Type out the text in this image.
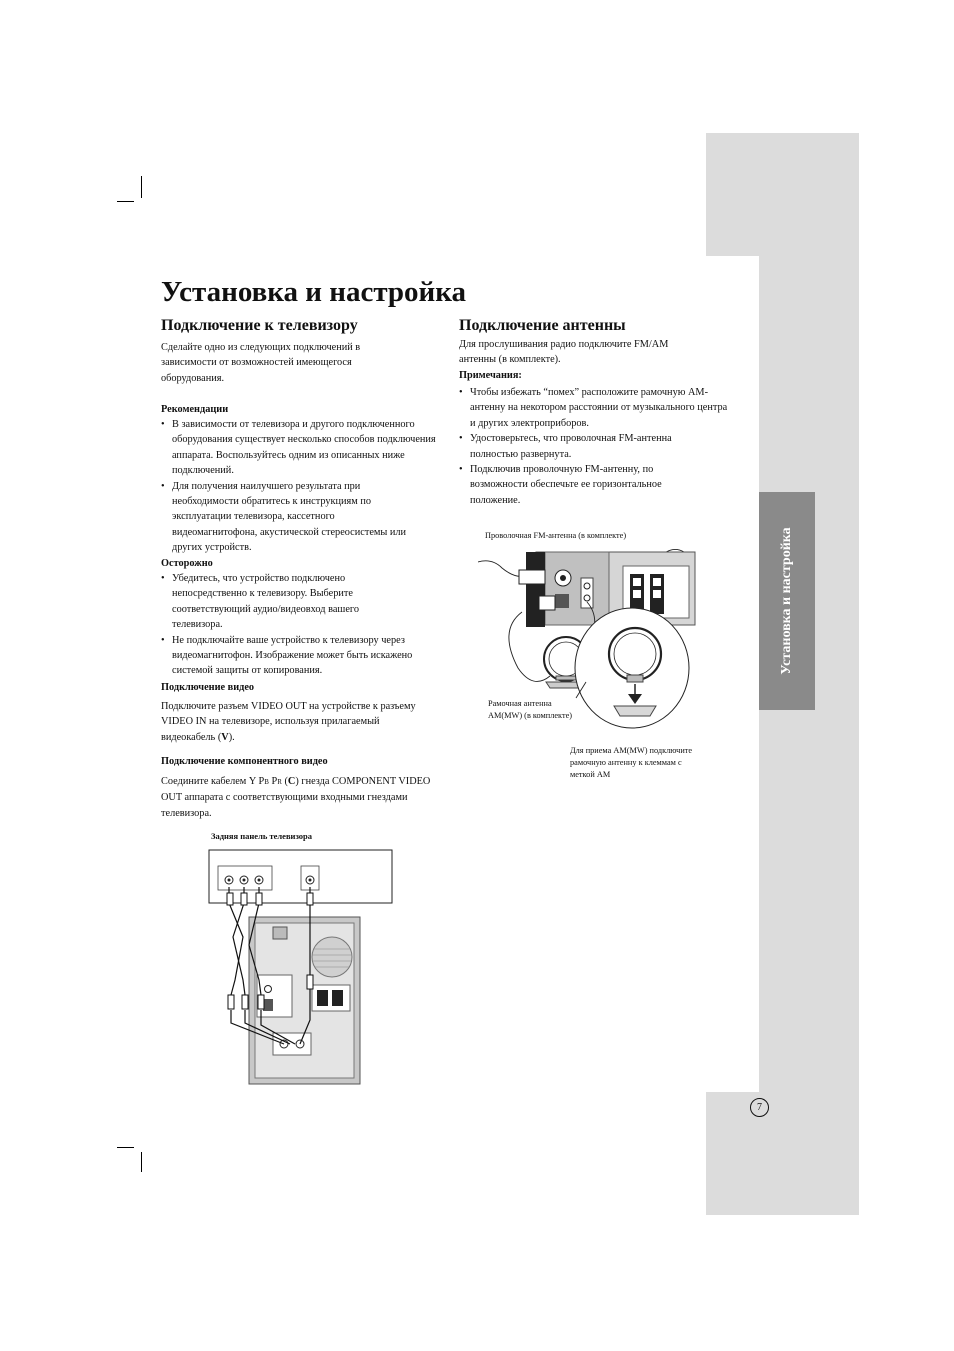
Установка и настройка
7
Установка и настройка
Подключение к телевизору
Сделайте одно из следующих подключений в зависимости от возможностей имеющегося оборудования.
Рекомендации
• В зависимости от телевизора и другого подключенного оборудования существует несколько способов подключения аппарата. Воспользуйтесь одним из описанных ниже подключений.
• Для получения наилучшего результата при необходимости обратитесь к инструкциям по эксплуатации телевизора, кассетного видеомагнитофона, акустической стереосистемы или других устройств.
Осторожно
• Убедитесь, что устройство подключено непосредственно к телевизору. Выберите соответствующий аудио/видеовход вашего телевизора.
• Не подключайте ваше устройство к телевизору через видеомагнитофон. Изображение может быть искажено системой защиты от копирования.
Подключение видео
Подключите разъем VIDEO OUT на устройстве к разъему VIDEO IN на телевизоре, используя прилагаемый видеокабель (V).
Подключение компонентного видео
Соедините кабелем Y PB PR (C) гнезда COMPONENT VIDEO OUT аппарата с соответствующими входными гнездами телевизора.
Задняя панель телевизора
Подключение антенны
Для прослушивания радио подключите FM/AM антенны (в комплекте).
Примечания:
• Чтобы избежать “помех” расположите рамочную AM-антенну на некотором расстоянии от музыкального центра и других электроприборов.
• Удостоверьтесь, что проволочная FM-антенна полностью развернута.
• Подключив проволочную FM-антенну, по возможности обеспечьте ее горизонтальное положение.
Проволочная FM-антенна (в комплекте)
Рамочная антенна
AM(MW) (в комплекте)
Для приема AM(MW) подключите
рамочную антенну к клеммам с
меткой AM
